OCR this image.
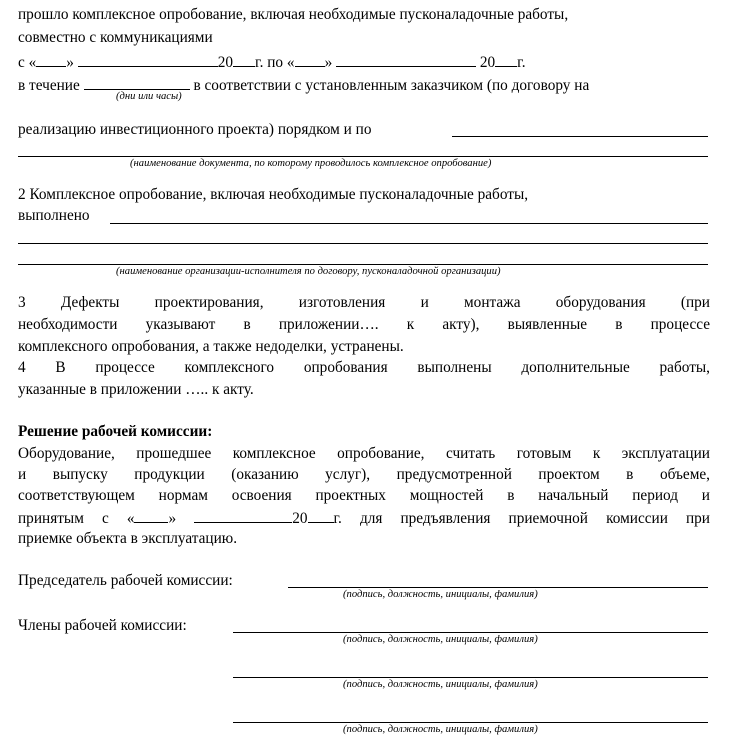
прошло комплексное опробование, включая необходимые пусконаладочные работы,
совместно с коммуникациями
с « »	20 г. по « »	20 г.
в течение	в соответствии с установленным заказчиком (по договору на
(дни или часы)
реализацию инвестиционного проекта) порядком и по
(наименование документа, по которому проводилось комплексное опробование)
2 Комплексное опробование, включая необходимые пусконаладочные работы,
выполнено
(наименование организации-исполнителя по договору, пусконаладочной организации)
3 Дефекты проектирования, изготовления и монтажа оборудования (при
необходимости указывают в приложении…. к акту), выявленные в процессе
комплексного опробования, а также недоделки, устранены.
4 В процессе комплексного опробования выполнены дополнительные работы,
указанные в приложении ….. к акту.
Решение рабочей комиссии:
Оборудование, прошедшее комплексное опробование, считать готовым к эксплуатации
и выпуску продукции (оказанию услуг), предусмотренной проектом в объеме,
соответствующем нормам освоения проектных мощностей в начальный период и
принятым с « »	20 г. для предъявления приемочной комиссии при
приемке объекта в эксплуатацию.
Председатель рабочей комиссии:
(подпись, должность, инициалы, фамилия)
Члены рабочей комиссии:
(подпись, должность, инициалы, фамилия)
(подпись, должность, инициалы, фамилия)
(подпись, должность, инициалы, фамилия)
